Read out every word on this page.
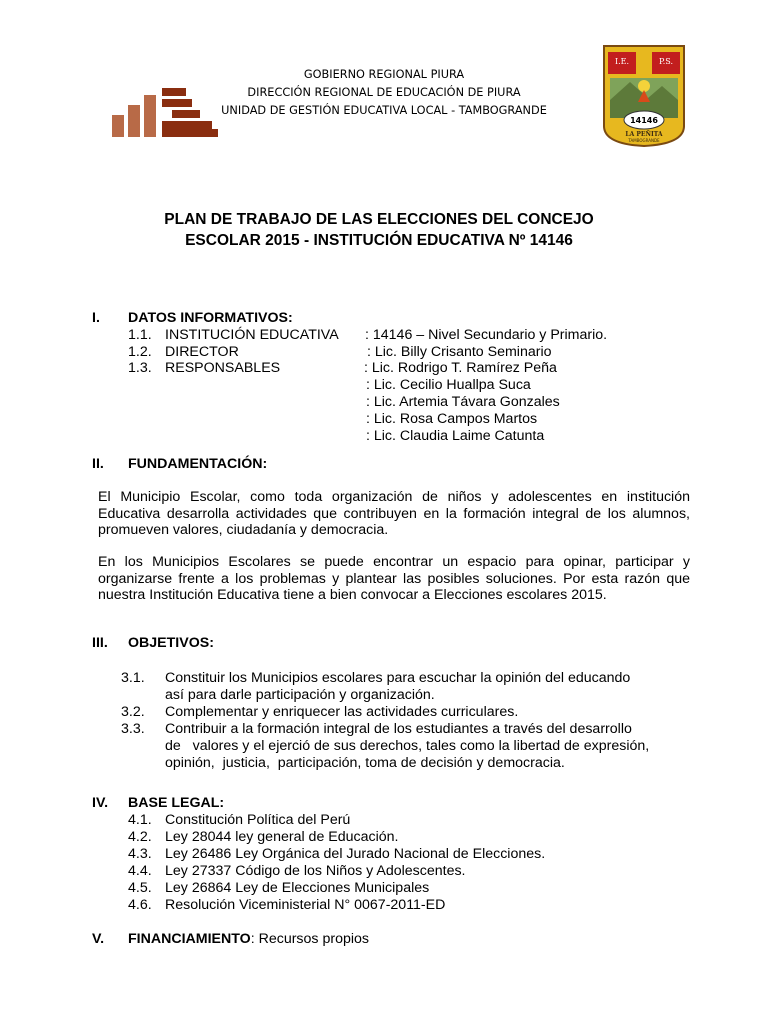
GOBIERNO REGIONAL PIURA
DIRECCIÓN REGIONAL DE EDUCACIÓN DE PIURA
UNIDAD DE GESTIÓN EDUCATIVA LOCAL - TAMBOGRANDE
I.E.	P.S.
14146
LA PEÑITA
TAMBOGRANDE
PLAN DE TRABAJO DE LAS ELECCIONES DEL CONCEJO
ESCOLAR 2015 - INSTITUCIÓN EDUCATIVA Nº 14146
I. DATOS INFORMATIVOS:
1.1. INSTITUCIÓN EDUCATIVA : 14146 – Nivel Secundario y Primario.
1.2. DIRECTOR	: Lic. Billy Crisanto Seminario
1.3. RESPONSABLES	: Lic. Rodrigo T. Ramírez Peña
: Lic. Cecilio Huallpa Suca
: Lic. Artemia Távara Gonzales
: Lic. Rosa Campos Martos
: Lic. Claudia Laime Catunta
II. FUNDAMENTACIÓN:
El Municipio Escolar, como toda organización de niños y adolescentes en institución Educativa desarrolla actividades que contribuyen en la formación integral de los alumnos, promueven valores, ciudadanía y democracia.
En los Municipios Escolares se puede encontrar un espacio para opinar, participar y organizarse frente a los problemas y plantear las posibles soluciones. Por esta razón que nuestra Institución Educativa tiene a bien convocar a Elecciones escolares 2015.
III. OBJETIVOS:
3.1. Constituir los Municipios escolares para escuchar la opinión del educando
así para darle participación y organización.
3.2. Complementar y enriquecer las actividades curriculares.
3.3. Contribuir a la formación integral de los estudiantes a través del desarrollo
de   valores y el ejerció de sus derechos, tales como la libertad de expresión,
opinión,  justicia,  participación, toma de decisión y democracia.
IV. BASE LEGAL:
4.1. Constitución Política del Perú
4.2. Ley 28044 ley general de Educación.
4.3. Ley 26486 Ley Orgánica del Jurado Nacional de Elecciones.
4.4. Ley 27337 Código de los Niños y Adolescentes.
4.5. Ley 26864 Ley de Elecciones Municipales
4.6. Resolución Viceministerial N° 0067-2011-ED
V. FINANCIAMIENTO: Recursos propios
